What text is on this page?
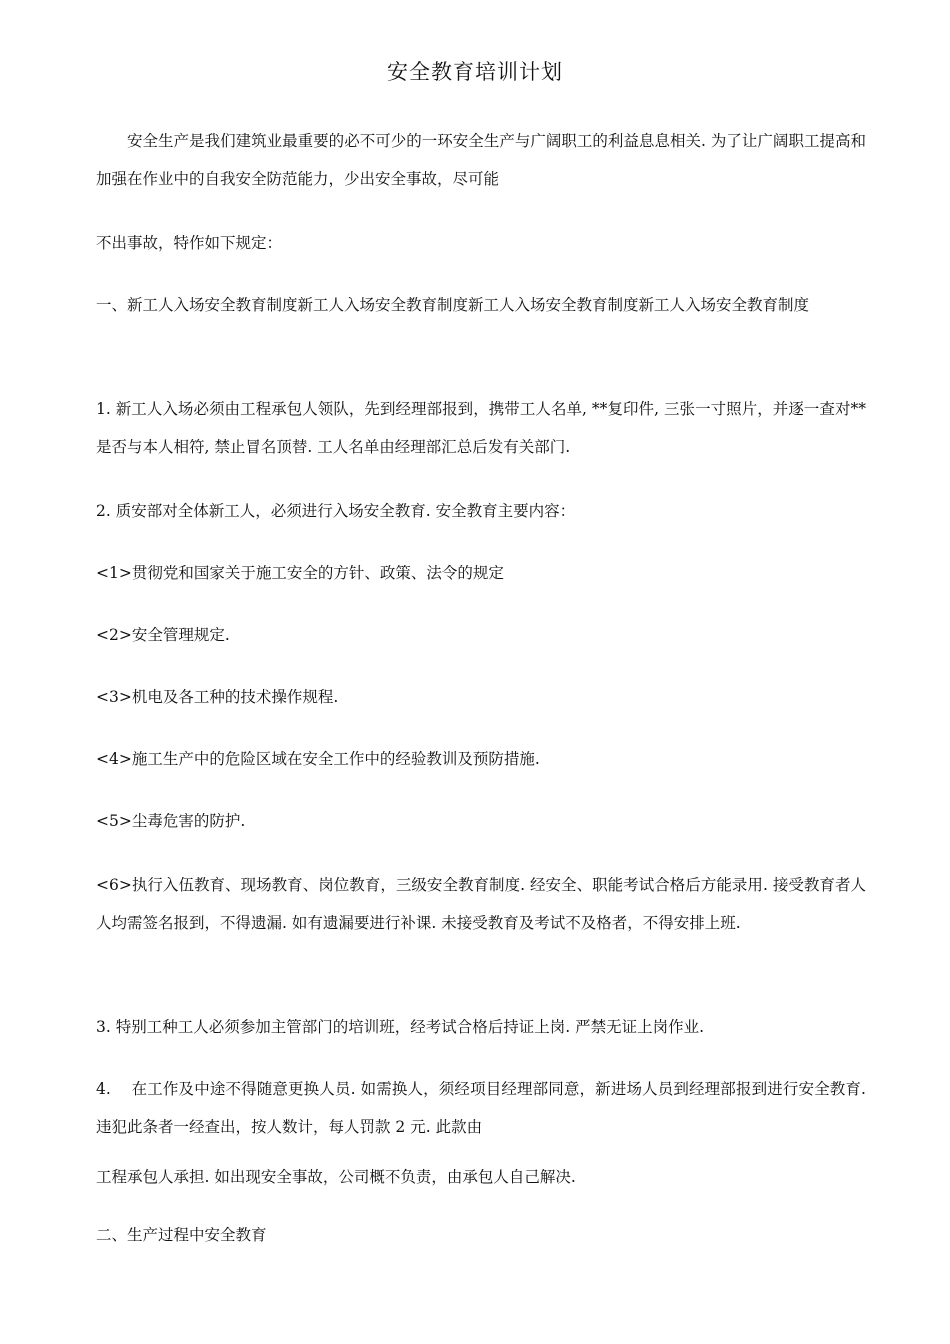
安全教育培训计划

安全生产是我们建筑业最重要的必不可少的一环安全生产与广阔职工的利益息息相关. 为了让广阔职工提高和加强在作业中的自我安全防范能力，少出安全事故，尽可能

不出事故，特作如下规定：

一、新工人入场安全教育制度新工人入场安全教育制度新工人入场安全教育制度新工人入场安全教育制度

1. 新工人入场必须由工程承包人领队，先到经理部报到，携带工人名单, **复印件, 三张一寸照片，并逐一查对**是否与本人相符, 禁止冒名顶替. 工人名单由经理部汇总后发有关部门.

2. 质安部对全体新工人，必须进行入场安全教育. 安全教育主要内容：

<1>贯彻党和国家关于施工安全的方针、政策、法令的规定

<2>安全管理规定.

<3>机电及各工种的技术操作规程.

<4>施工生产中的危险区域在安全工作中的经验教训及预防措施.

<5>尘毒危害的防护.

<6>执行入伍教育、现场教育、岗位教育，三级安全教育制度. 经安全、职能考试合格后方能录用. 接受教育者人人均需签名报到，不得遗漏. 如有遗漏要进行补课. 未接受教育及考试不及格者，不得安排上班.

3. 特别工种工人必须参加主管部门的培训班，经考试合格后持证上岗. 严禁无证上岗作业.

4.　 在工作及中途不得随意更换人员. 如需换人，须经项目经理部同意，新进场人员到经理部报到进行安全教育. 违犯此条者一经查出，按人数计，每人罚款 2 元. 此款由

工程承包人承担. 如出现安全事故，公司概不负责，由承包人自己解决.

二、生产过程中安全教育
